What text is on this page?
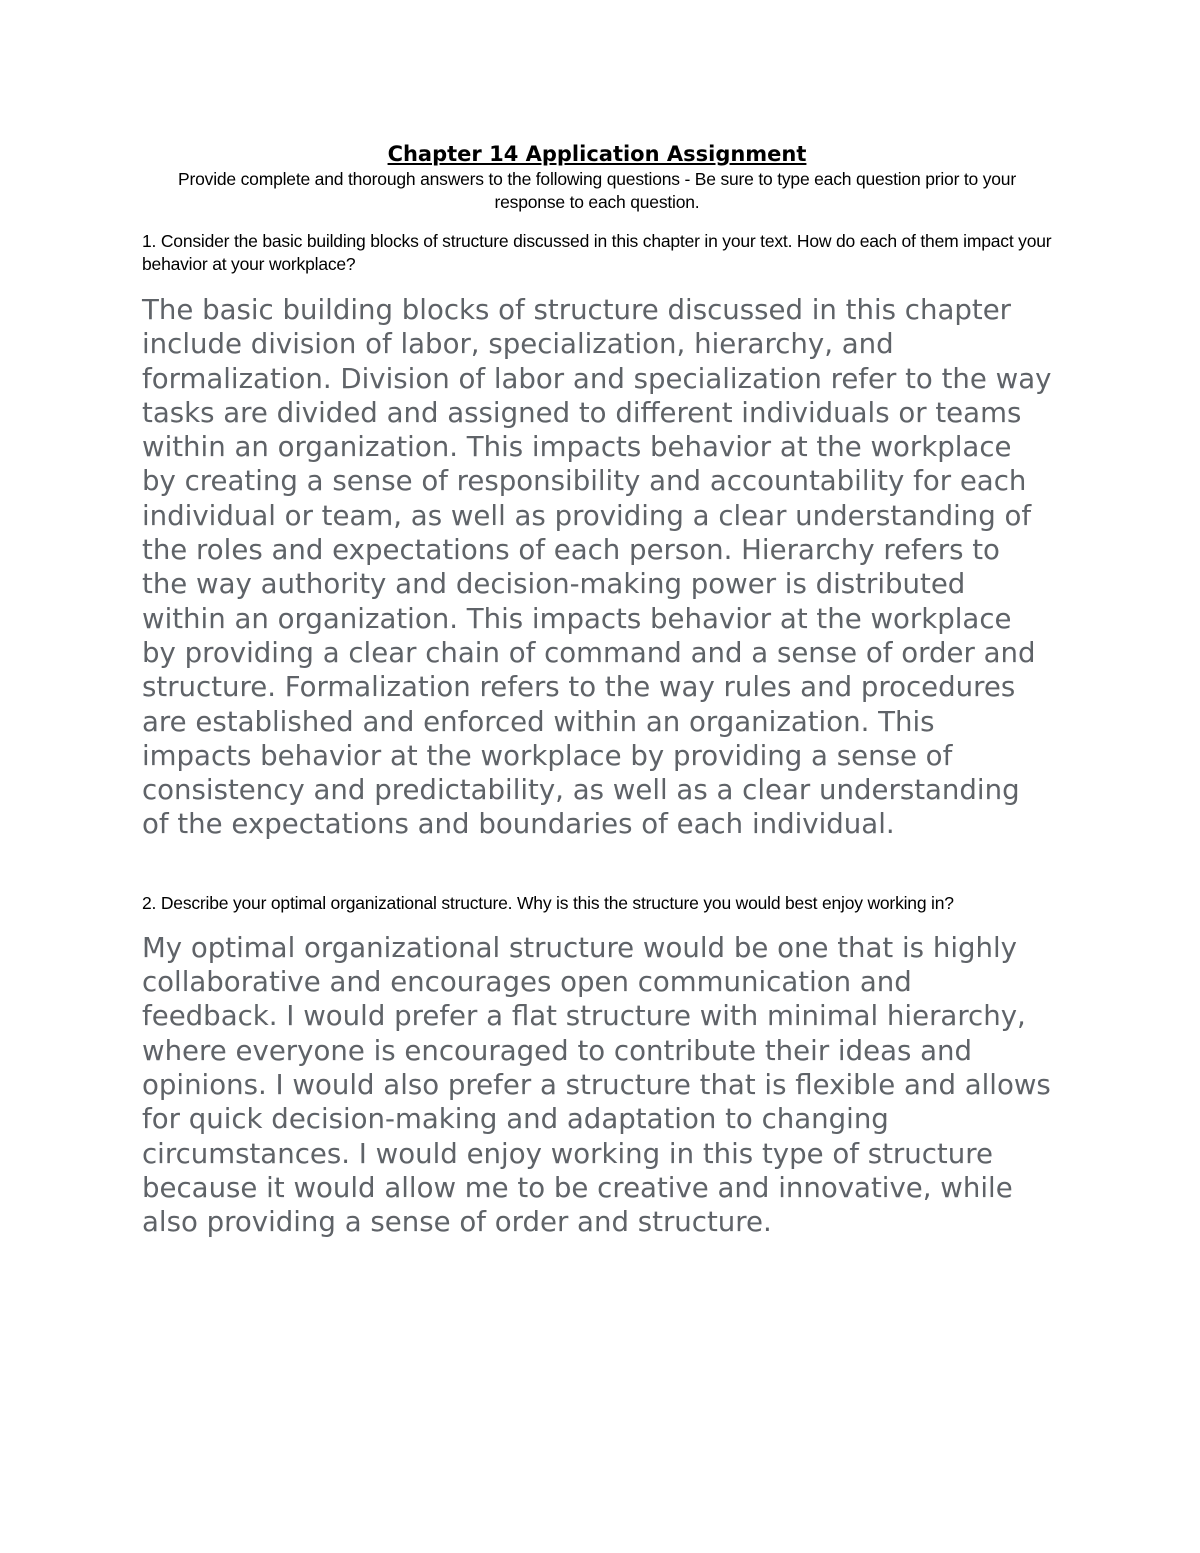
Chapter 14 Application Assignment

Provide complete and thorough answers to the following questions - Be sure to type each question prior to your response to each question.

1. Consider the basic building blocks of structure discussed in this chapter in your text. How do each of them impact your behavior at your workplace?

The basic building blocks of structure discussed in this chapter include division of labor, specialization, hierarchy, and formalization. Division of labor and specialization refer to the way tasks are divided and assigned to different individuals or teams within an organization. This impacts behavior at the workplace by creating a sense of responsibility and accountability for each individual or team, as well as providing a clear understanding of the roles and expectations of each person. Hierarchy refers to the way authority and decision-making power is distributed within an organization. This impacts behavior at the workplace by providing a clear chain of command and a sense of order and structure. Formalization refers to the way rules and procedures are established and enforced within an organization. This impacts behavior at the workplace by providing a sense of consistency and predictability, as well as a clear understanding of the expectations and boundaries of each individual.

2. Describe your optimal organizational structure. Why is this the structure you would best enjoy working in?

My optimal organizational structure would be one that is highly collaborative and encourages open communication and feedback. I would prefer a flat structure with minimal hierarchy, where everyone is encouraged to contribute their ideas and opinions. I would also prefer a structure that is flexible and allows for quick decision-making and adaptation to changing circumstances. I would enjoy working in this type of structure because it would allow me to be creative and innovative, while also providing a sense of order and structure.
